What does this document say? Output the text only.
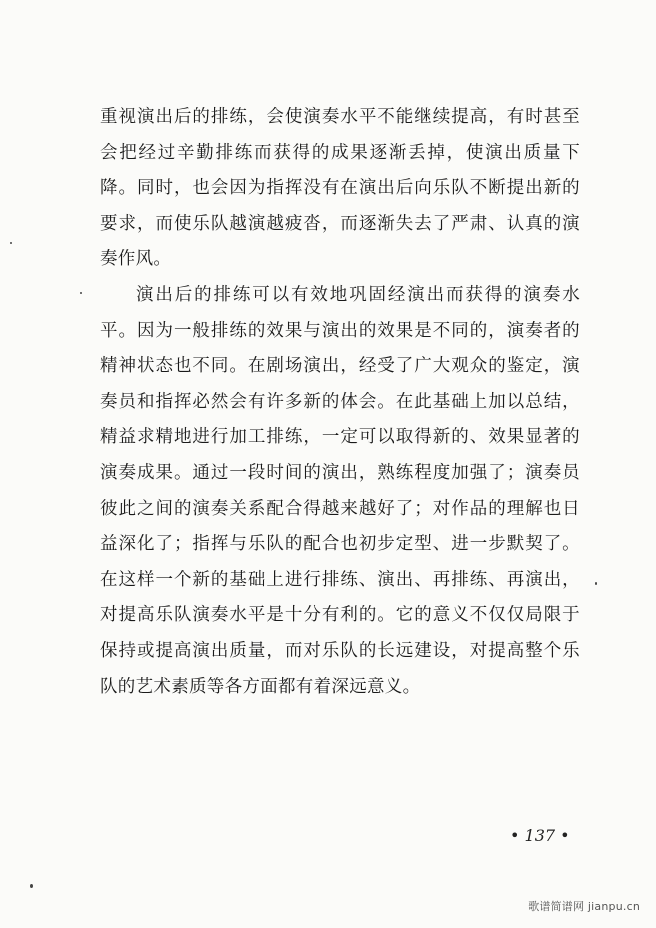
重视演出后的排练，会使演奏水平不能继续提高，有时甚至会把经过辛勤排练而获得的成果逐渐丢掉，使演出质量下降。同时，也会因为指挥没有在演出后向乐队不断提出新的要求，而使乐队越演越疲沓，而逐渐失去了严肃、认真的演奏作风。

演出后的排练可以有效地巩固经演出而获得的演奏水平。因为一般排练的效果与演出的效果是不同的，演奏者的精神状态也不同。在剧场演出，经受了广大观众的鉴定，演奏员和指挥必然会有许多新的体会。在此基础上加以总结，精益求精地进行加工排练，一定可以取得新的、效果显著的演奏成果。通过一段时间的演出，熟练程度加强了；演奏员彼此之间的演奏关系配合得越来越好了；对作品的理解也日益深化了；指挥与乐队的配合也初步定型、进一步默契了。在这样一个新的基础上进行排练、演出、再排练、再演出，对提高乐队演奏水平是十分有利的。它的意义不仅仅局限于保持或提高演出质量，而对乐队的长远建设，对提高整个乐队的艺术素质等各方面都有着深远意义。

• 137 •
歌谱简谱网 jianpu.cn
